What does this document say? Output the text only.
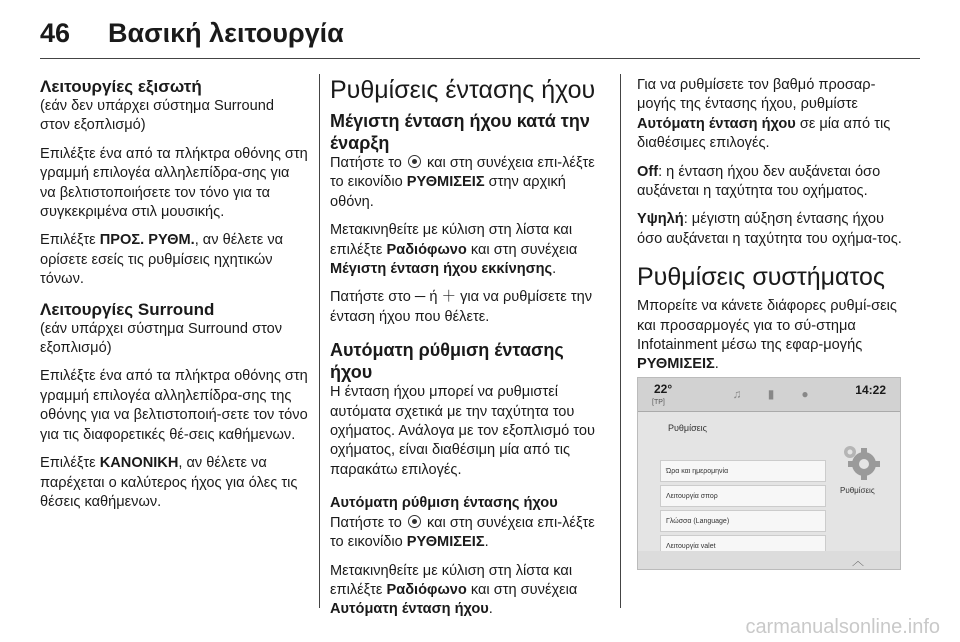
46 Βασική λειτουργία
Λειτουργίες εξισωτή

(εάν δεν υπάρχει σύστημα Surround στον εξοπλισμό)

Επιλέξτε ένα από τα πλήκτρα οθόνης στη γραμμή επιλογέα αλληλεπίδρα-σης για να βελτιστοποιήσετε τον τόνο για τα συγκεκριμένα στιλ μουσικής.

Επιλέξτε ΠΡΟΣ. ΡΥΘΜ., αν θέλετε να ορίσετε εσείς τις ρυθμίσεις ηχητικών τόνων.

Λειτουργίες Surround

(εάν υπάρχει σύστημα Surround στον εξοπλισμό)

Επιλέξτε ένα από τα πλήκτρα οθόνης στη γραμμή επιλογέα αλληλεπίδρα-σης της οθόνης για να βελτιστοποιή-σετε τον τόνο για τις διαφορετικές θέ-σεις καθήμενων.

Επιλέξτε ΚΑΝΟΝΙΚΗ, αν θέλετε να παρέχεται ο καλύτερος ήχος για όλες τις θέσεις καθήμενων.

Ρυθμίσεις έντασης ήχου
Μέγιστη ένταση ήχου κατά την έναρξη

Πατήστε το  και στη συνέχεια επι-λέξτε το εικονίδιο ΡΥΘΜΙΣΕΙΣ στην αρχική οθόνη.

Μετακινηθείτε με κύλιση στη λίστα και επιλέξτε Ραδιόφωνο και στη συνέχεια Μέγιστη ένταση ήχου εκκίνησης.

Πατήστε στο ─ ή ＋ για να ρυθμίσετε την ένταση ήχου που θέλετε.

Αυτόματη ρύθμιση έντασης ήχου

Η ένταση ήχου μπορεί να ρυθμιστεί αυτόματα σχετικά με την ταχύτητα του οχήματος. Ανάλογα με τον εξοπλισμό του οχήματος, είναι διαθέσιμη μία από τις παρακάτω επιλογές.

Αυτόματη ρύθμιση έντασης ήχου

Πατήστε το  και στη συνέχεια επι-λέξτε το εικονίδιο ΡΥΘΜΙΣΕΙΣ.

Μετακινηθείτε με κύλιση στη λίστα και επιλέξτε Ραδιόφωνο και στη συνέχεια Αυτόματη ένταση ήχου.

Για να ρυθμίσετε τον βαθμό προσαρ-μογής της έντασης ήχου, ρυθμίστε Αυτόματη ένταση ήχου σε μία από τις διαθέσιμες επιλογές.

Off: η ένταση ήχου δεν αυξάνεται όσο αυξάνεται η ταχύτητα του οχήματος.

Υψηλή: μέγιστη αύξηση έντασης ήχου όσο αυξάνεται η ταχύτητα του οχήμα-τος.

Ρυθμίσεις συστήματος

Μπορείτε να κάνετε διάφορες ρυθμί-σεις και προσαρμογές για το σύ-στημα Infotainment μέσω της εφαρ-μογής ΡΥΘΜΙΣΕΙΣ.

22°
[TP]
♫	▮	●	14:22
Ρυθμίσεις
Ώρα και ημερομηνία
Λειτουργία σπορ
Γλώσσα (Language)
Λειτουργία valet
Ρυθμίσεις
︿
carmanualsonline.info
